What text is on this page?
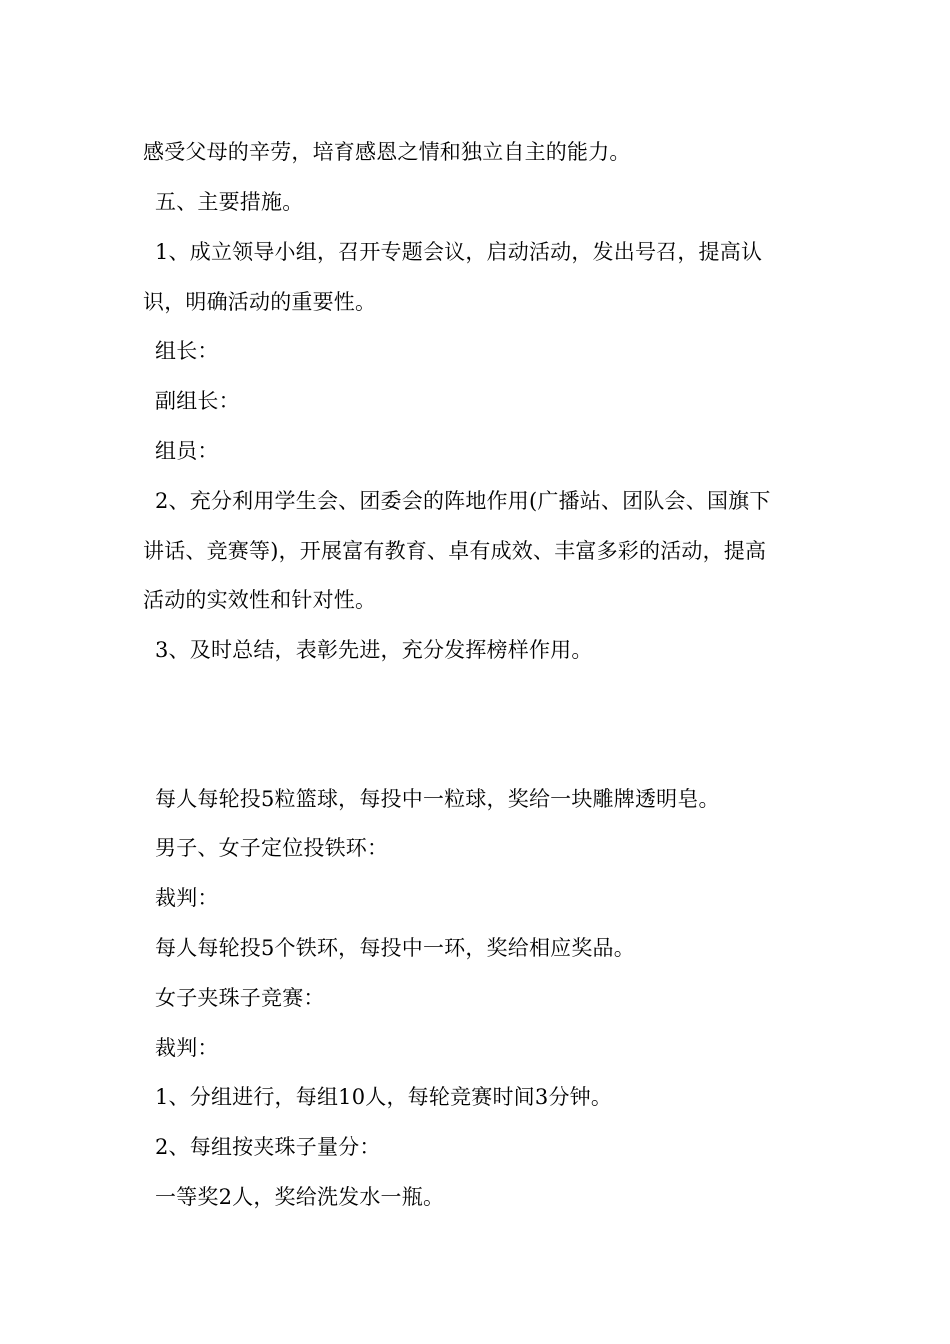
感受父母的辛劳，培育感恩之情和独立自主的能力。
五、主要措施。
1、成立领导小组，召开专题会议，启动活动，发出号召，提高认
识，明确活动的重要性。
组长：
副组长：
组员：
2、充分利用学生会、团委会的阵地作用(广播站、团队会、国旗下
讲话、竞赛等)，开展富有教育、卓有成效、丰富多彩的活动，提高
活动的实效性和针对性。
3、及时总结，表彰先进，充分发挥榜样作用。
每人每轮投5粒篮球，每投中一粒球，奖给一块雕牌透明皂。
男子、女子定位投铁环：
裁判：
每人每轮投5个铁环，每投中一环，奖给相应奖品。
女子夹珠子竞赛：
裁判：
1、分组进行，每组10人，每轮竞赛时间3分钟。
2、每组按夹珠子量分：
一等奖2人，奖给洗发水一瓶。
